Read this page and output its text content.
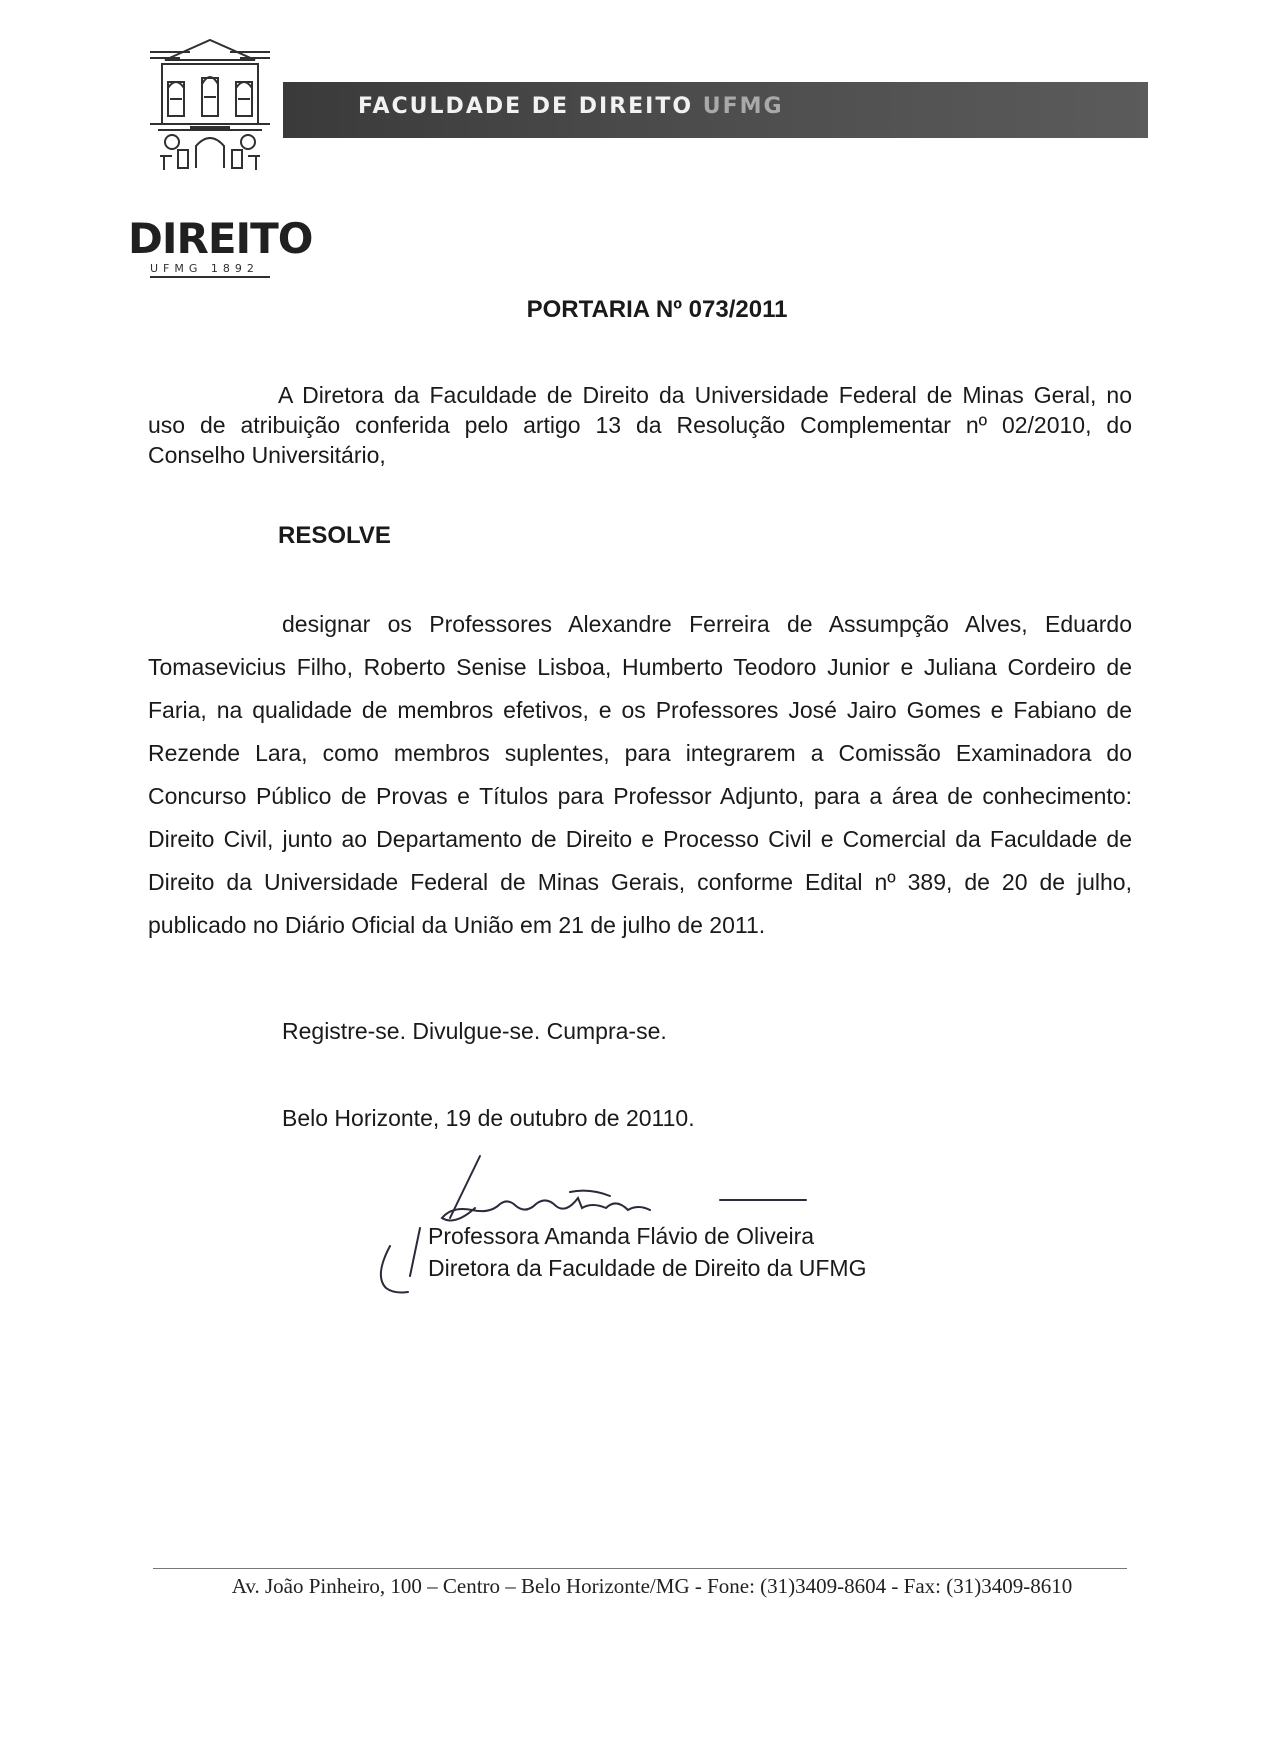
DIREITO
UFMG 1892
FACULDADE DE DIREITO UFMG
PORTARIA Nº 073/2011

A Diretora da Faculdade de Direito da Universidade Federal de Minas Geral, no uso de atribuição conferida pelo artigo 13 da Resolução Complementar nº 02/2010, do Conselho Universitário,

RESOLVE

designar os Professores Alexandre Ferreira de Assumpção Alves, Eduardo Tomasevicius Filho, Roberto Senise Lisboa, Humberto Teodoro Junior e Juliana Cordeiro de Faria, na qualidade de membros efetivos, e os Professores José Jairo Gomes e Fabiano de Rezende Lara, como membros suplentes, para integrarem a Comissão Examinadora do Concurso Público de Provas e Títulos para Professor Adjunto, para a área de conhecimento: Direito Civil, junto ao Departamento de Direito e Processo Civil e Comercial da Faculdade de Direito da Universidade Federal de Minas Gerais, conforme Edital nº 389, de 20 de julho, publicado no Diário Oficial da União em 21 de julho de 2011.

Registre-se. Divulgue-se. Cumpra-se.
Belo Horizonte, 19 de outubro de 20110.
Professora Amanda Flávio de Oliveira
Diretora da Faculdade de Direito da UFMG
Av. João Pinheiro, 100 – Centro – Belo Horizonte/MG - Fone: (31)3409-8604 - Fax: (31)3409-8610
